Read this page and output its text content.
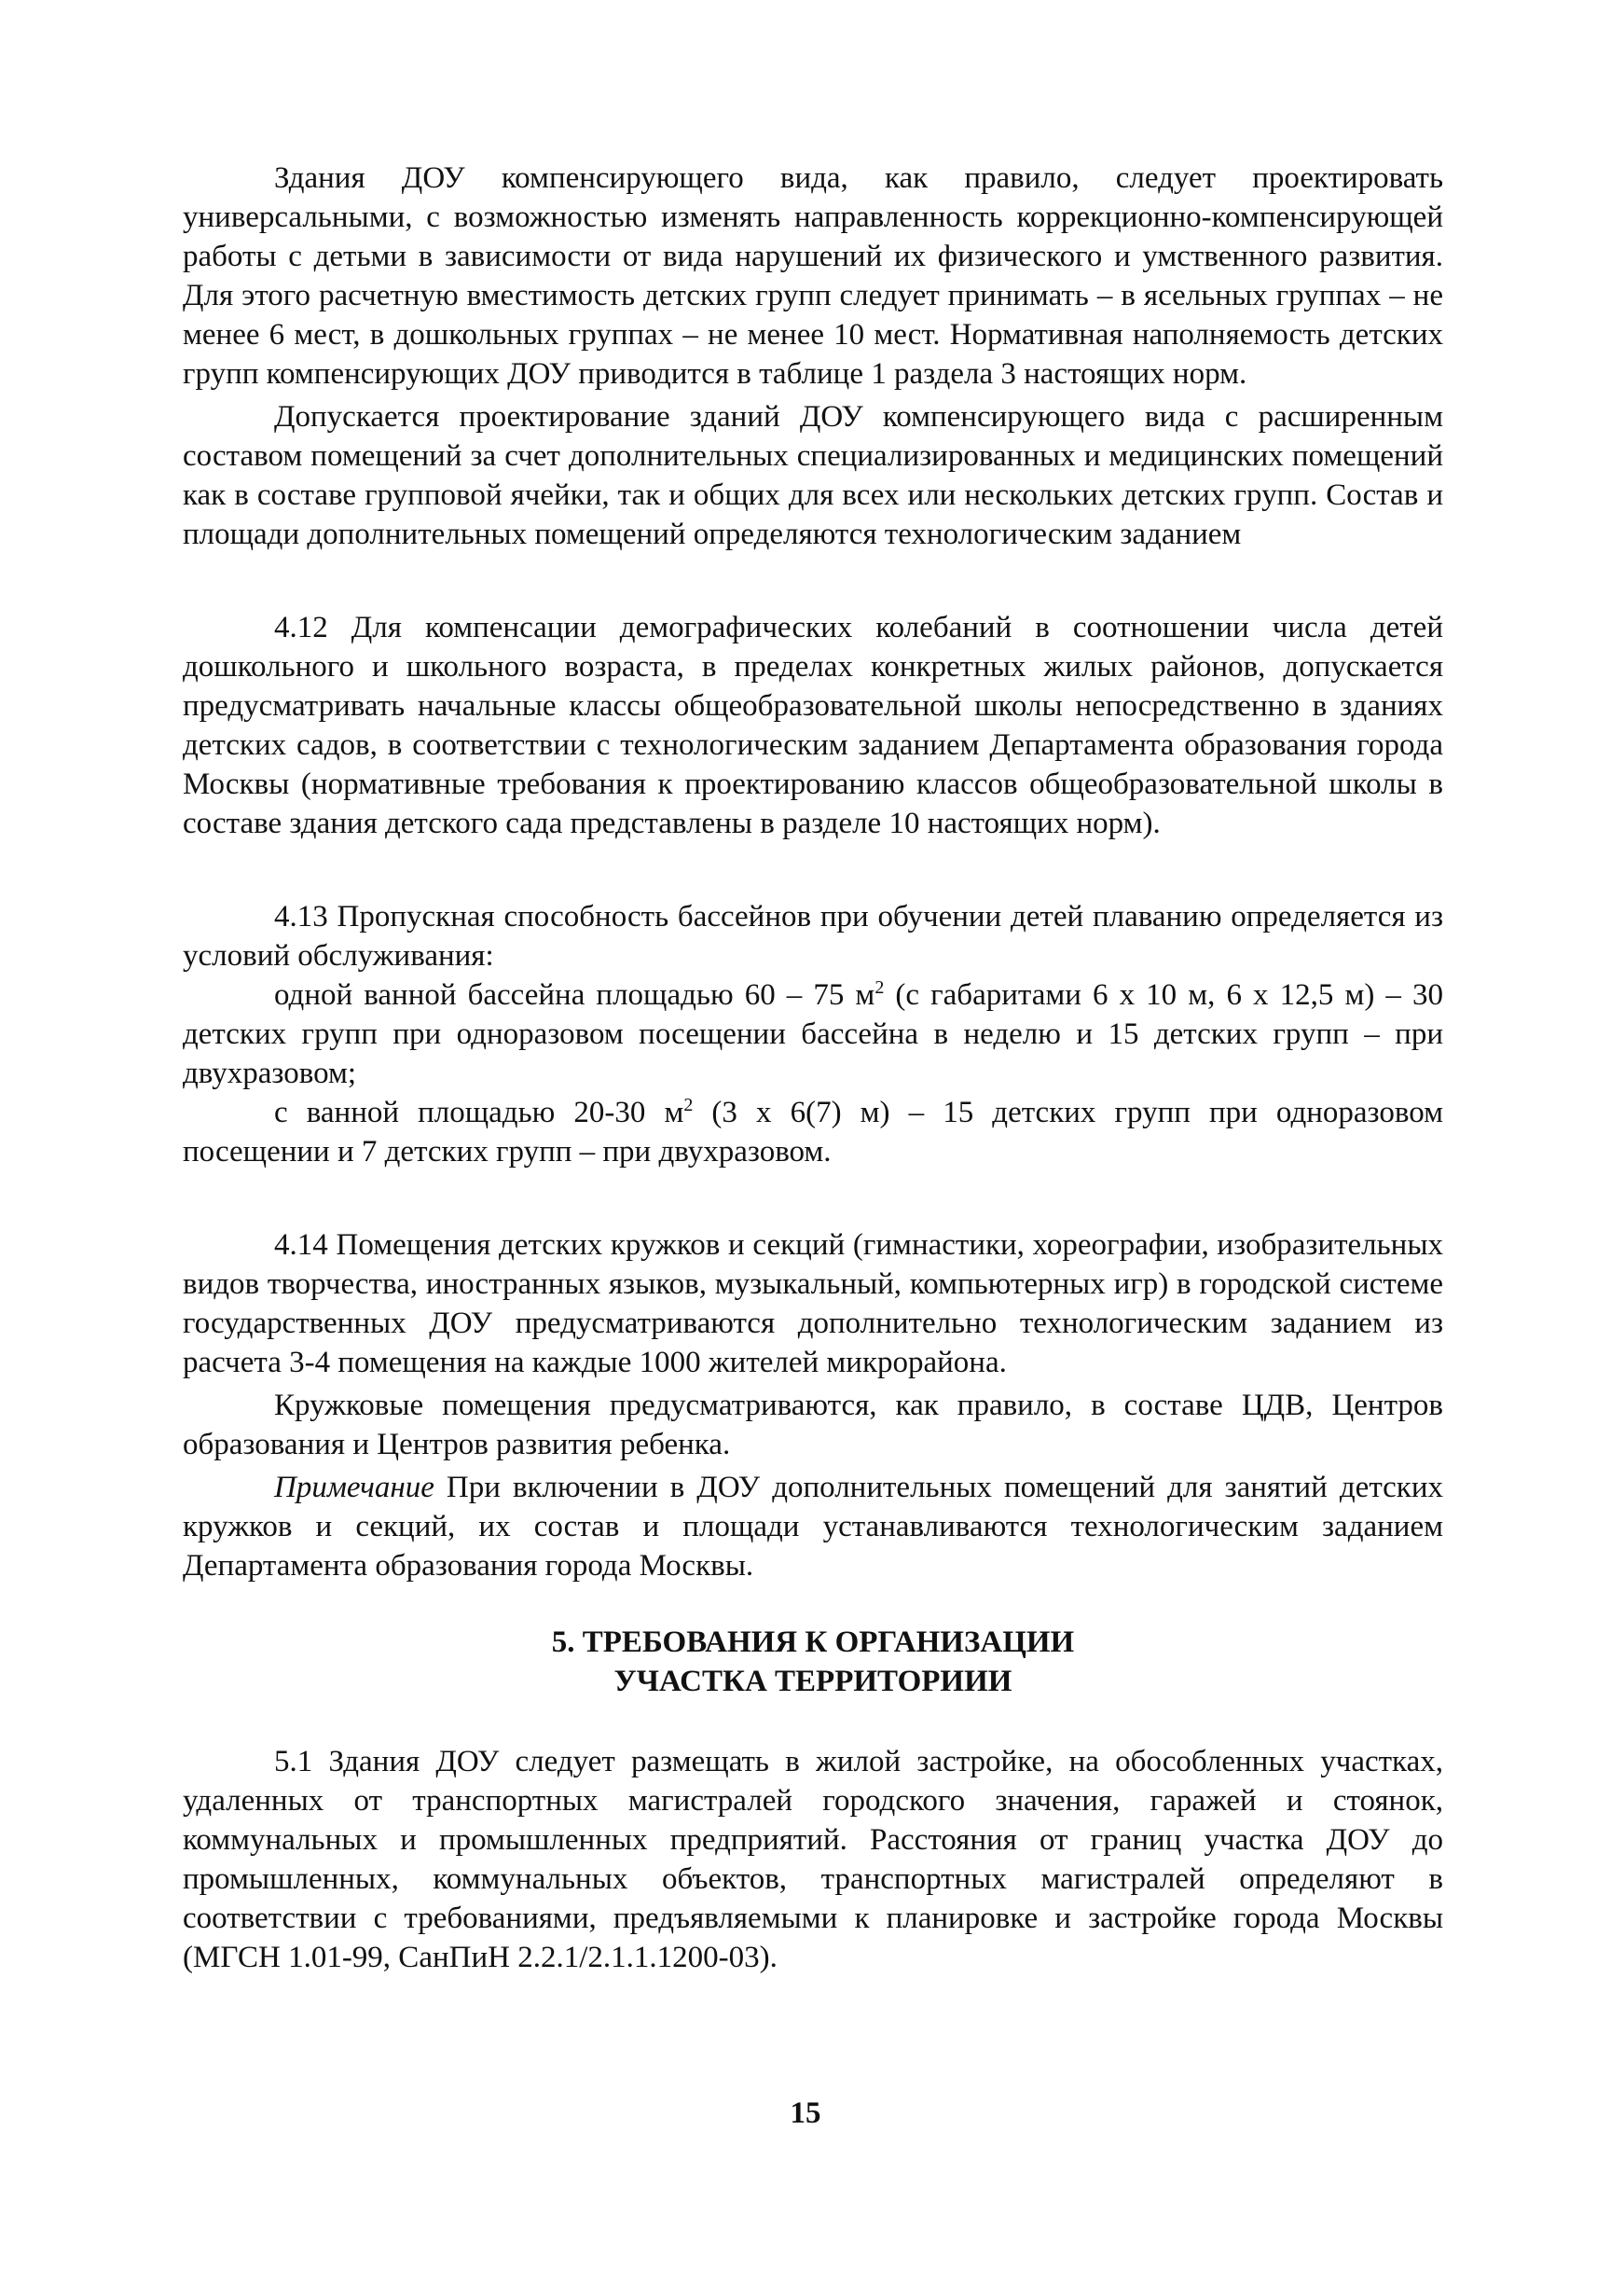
Здания ДОУ компенсирующего вида, как правило, следует проектировать универсальными, с возможностью изменять направленность коррекционно-компенсирующей работы с детьми в зависимости от вида нарушений их физического и умственного развития. Для этого расчетную вместимость детских групп следует принимать – в ясельных группах – не менее 6 мест, в дошкольных группах – не менее 10 мест. Нормативная наполняемость детских групп компенсирующих ДОУ приводится в таблице 1 раздела 3 настоящих норм.

Допускается проектирование зданий ДОУ компенсирующего вида с расширенным составом помещений за счет дополнительных специализированных и медицинских помещений как в составе групповой ячейки, так и общих для всех или нескольких детских групп. Состав и площади дополнительных помещений определяются технологическим заданием

4.12 Для компенсации демографических колебаний в соотношении числа детей дошкольного и школьного возраста, в пределах конкретных жилых районов, допускается предусматривать начальные классы общеобразовательной школы непосредственно в зданиях детских садов, в соответствии с технологическим заданием Департамента образования города Москвы (нормативные требования к проектированию классов общеобразовательной школы в составе здания детского сада представлены в разделе 10 настоящих норм).

4.13 Пропускная способность бассейнов при обучении детей плаванию определяется из условий обслуживания:

одной ванной бассейна площадью 60 – 75 $м^2$ (с габаритами 6 х 10 м, 6 х 12,5 м) – 30 детских групп при одноразовом посещении бассейна в неделю и 15 детских групп – при двухразовом;

с ванной площадью 20-30 $м^2$ (3 х 6(7) м) – 15 детских групп при одноразовом посещении и 7 детских групп – при двухразовом.

4.14 Помещения детских кружков и секций (гимнастики, хореографии, изобразительных видов творчества, иностранных языков, музыкальный, компьютерных игр) в городской системе государственных ДОУ предусматриваются дополнительно технологическим заданием из расчета 3-4 помещения на каждые 1000 жителей микрорайона.

Кружковые помещения предусматриваются, как правило, в составе ЦДВ, Центров образования и Центров развития ребенка.

Примечание При включении в ДОУ дополнительных помещений для занятий детских кружков и секций, их состав и площади устанавливаются технологическим заданием Департамента образования города Москвы.

5. ТРЕБОВАНИЯ К ОРГАНИЗАЦИИ
УЧАСТКА ТЕРРИТОРИИИ

5.1 Здания ДОУ следует размещать в жилой застройке, на обособленных участках, удаленных от транспортных магистралей городского значения, гаражей и стоянок, коммунальных и промышленных предприятий. Расстояния от границ участка ДОУ до промышленных, коммунальных объектов, транспортных магистралей определяют в соответствии с требованиями, предъявляемыми к планировке и застройке города Москвы (МГСН 1.01-99, СанПиН 2.2.1/2.1.1.1200-03).

15
